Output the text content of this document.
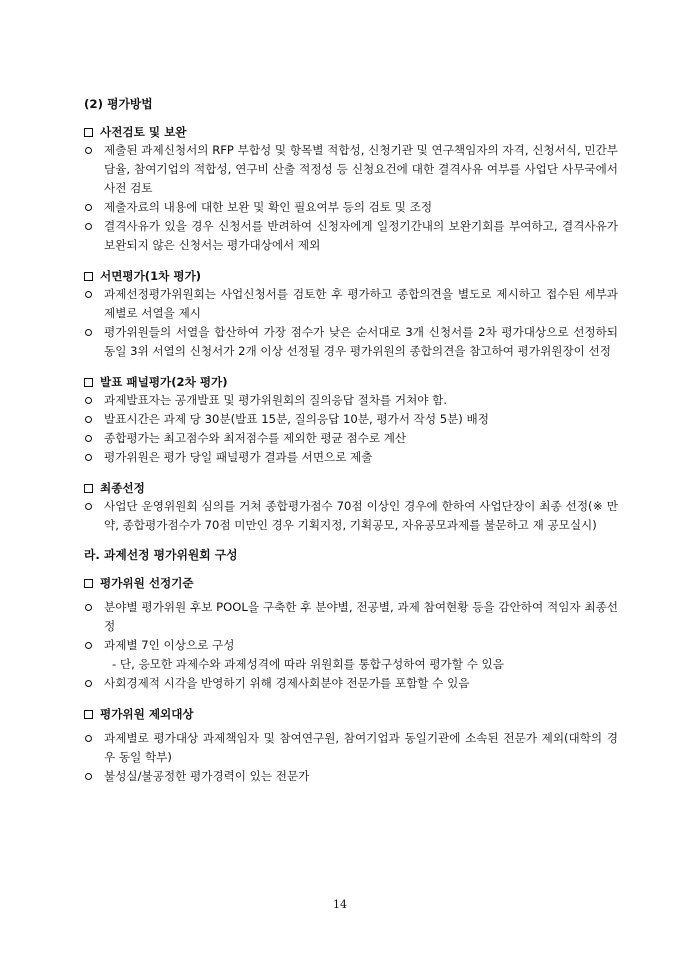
(2) 평가방법
사전검토 및 보완
제출된 과제신청서의 RFP 부합성 및 항목별 적합성, 신청기관 및 연구책임자의 자격, 신청서식, 민간부담율, 참여기업의 적합성, 연구비 산출 적정성 등 신청요건에 대한 결격사유 여부를 사업단 사무국에서 사전 검토
제출자료의 내용에 대한 보완 및 확인 필요여부 등의 검토 및 조정
결격사유가 있을 경우 신청서를 반려하여 신청자에게 일정기간내의 보완기회를 부여하고, 결격사유가 보완되지 않은 신청서는 평가대상에서 제외
서면평가(1차 평가)
과제선정평가위원회는 사업신청서를 검토한 후 평가하고 종합의견을 별도로 제시하고 접수된 세부과제별로 서열을 제시
평가위원들의 서열을 합산하여 가장 점수가 낮은 순서대로 3개 신청서를 2차 평가대상으로 선정하되 동일 3위 서열의 신청서가 2개 이상 선정될 경우 평가위원의 종합의견을 참고하여 평가위원장이 선정
발표 패널평가(2차 평가)
과제발표자는 공개발표 및 평가위원회의 질의응답 절차를 거쳐야 함.
발표시간은 과제 당 30분(발표 15분, 질의응답 10분, 평가서 작성 5분) 배정
종합평가는 최고점수와 최저점수를 제외한 평균 점수로 계산
평가위원은 평가 당일 패널평가 결과를 서면으로 제출
최종선정
사업단 운영위원회 심의를 거쳐 종합평가점수 70점 이상인 경우에 한하여 사업단장이 최종 선정(※ 만약, 종합평가점수가 70점 미만인 경우 기획지정, 기획공모, 자유공모과제를 불문하고 재 공모실시)
라. 과제선정 평가위원회 구성
평가위원 선정기준
분야별 평가위원 후보 POOL을 구축한 후 분야별, 전공별, 과제 참여현황 등을 감안하여 적임자 최종선정
과제별 7인 이상으로 구성
- 단, 응모한 과제수와 과제성격에 따라 위원회를 통합구성하여 평가할 수 있음
사회경제적 시각을 반영하기 위해 경제사회분야 전문가를 포함할 수 있음
평가위원 제외대상
과제별로 평가대상 과제책임자 및 참여연구원, 참여기업과 동일기관에 소속된 전문가 제외(대학의 경우 동일 학부)
불성실/불공정한 평가경력이 있는 전문가
14
